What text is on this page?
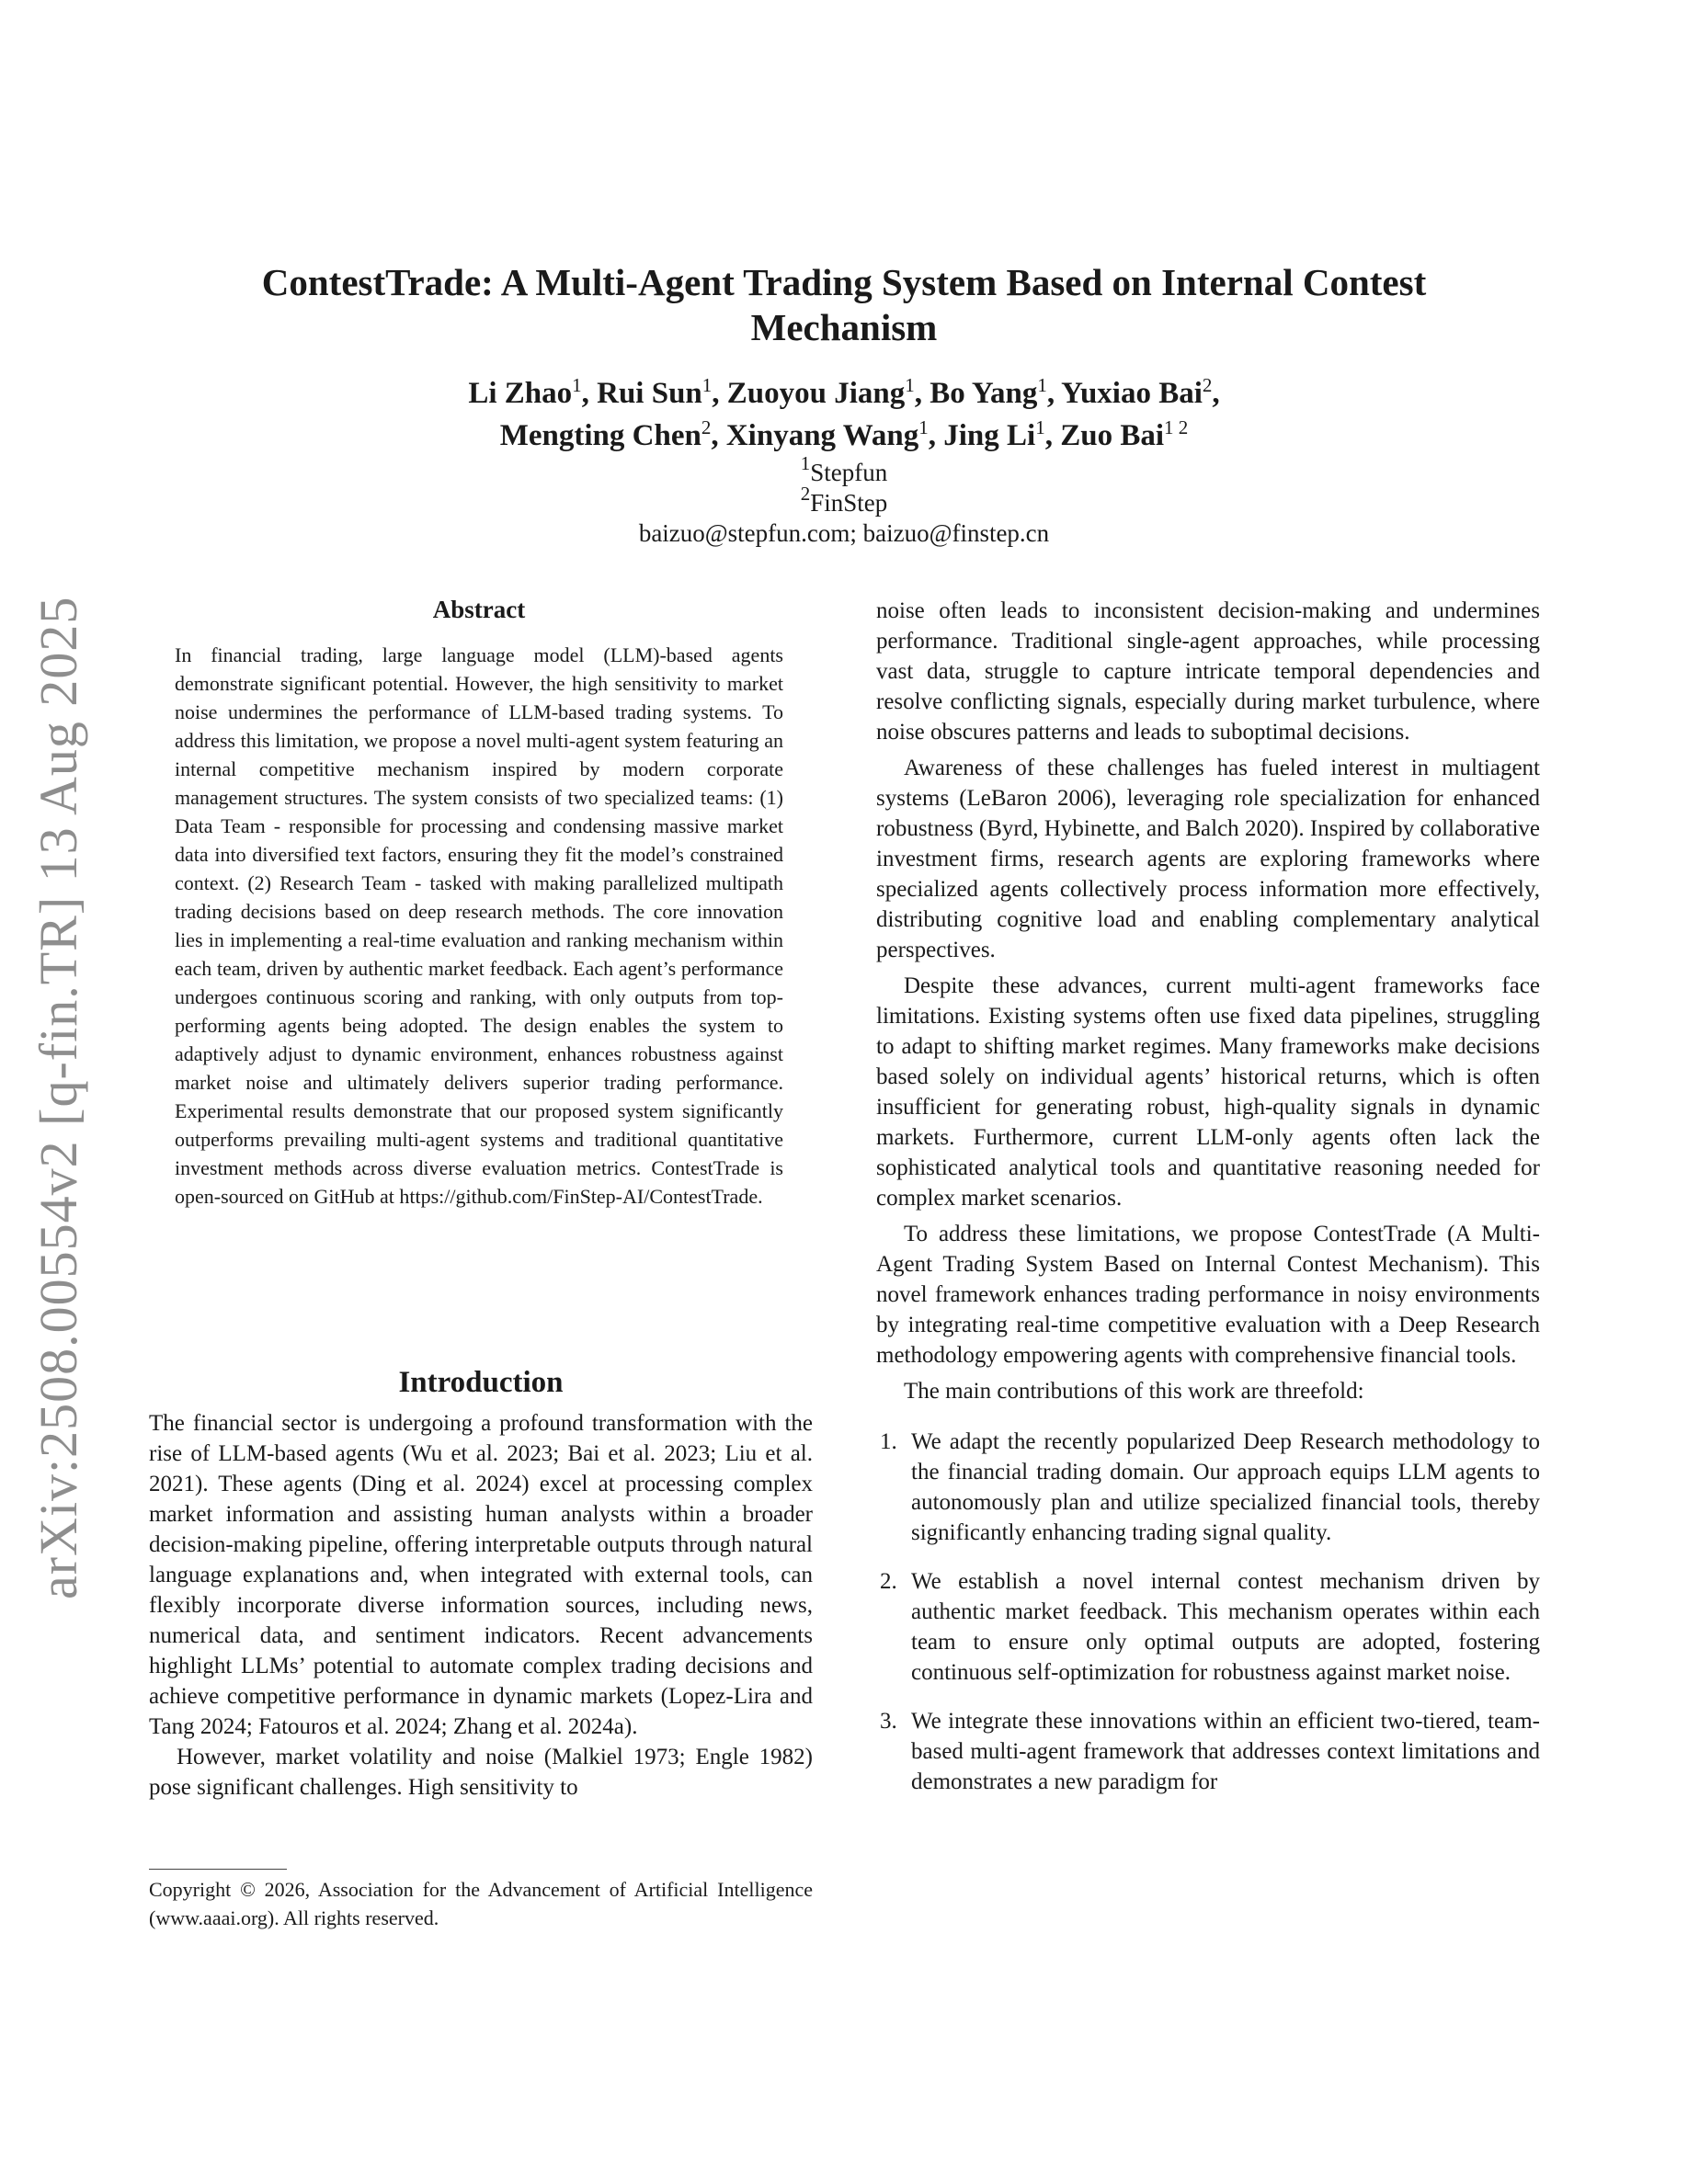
arXiv:2508.00554v2 [q-fin.TR] 13 Aug 2025
ContestTrade: A Multi-Agent Trading System Based on Internal Contest Mechanism
Li Zhao$^1$, Rui Sun$^1$, Zuoyou Jiang$^1$, Bo Yang$^1$, Yuxiao Bai$^2$,
Mengting Chen$^2$, Xinyang Wang$^1$, Jing Li$^1$, Zuo Bai$^{1 2}$
$^1$Stepfun
$^2$FinStep
baizuo@stepfun.com; baizuo@finstep.cn
Abstract

In financial trading, large language model (LLM)-based agents demonstrate significant potential. However, the high sensitivity to market noise undermines the performance of LLM-based trading systems. To address this limitation, we propose a novel multi-agent system featuring an internal competitive mechanism inspired by modern corporate management structures. The system consists of two specialized teams: (1) Data Team - responsible for processing and condensing massive market data into diversified text factors, ensuring they fit the model’s constrained context. (2) Research Team - tasked with making parallelized multipath trading decisions based on deep research methods. The core innovation lies in implementing a real-time evaluation and ranking mechanism within each team, driven by authentic market feedback. Each agent’s performance undergoes continuous scoring and ranking, with only outputs from top-performing agents being adopted. The design enables the system to adaptively adjust to dynamic environment, enhances robustness against market noise and ultimately delivers superior trading performance. Experimental results demonstrate that our proposed system significantly outperforms prevailing multi-agent systems and traditional quantitative investment methods across diverse evaluation metrics. ContestTrade is open-sourced on GitHub at https://github.com/FinStep-AI/ContestTrade.

Introduction

The financial sector is undergoing a profound transformation with the rise of LLM-based agents (Wu et al. 2023; Bai et al. 2023; Liu et al. 2021). These agents (Ding et al. 2024) excel at processing complex market information and assisting human analysts within a broader decision-making pipeline, offering interpretable outputs through natural language explanations and, when integrated with external tools, can flexibly incorporate diverse information sources, including news, numerical data, and sentiment indicators. Recent advancements highlight LLMs’ potential to automate complex trading decisions and achieve competitive performance in dynamic markets (Lopez-Lira and Tang 2024; Fatouros et al. 2024; Zhang et al. 2024a).

However, market volatility and noise (Malkiel 1973; Engle 1982) pose significant challenges. High sensitivity to

Copyright © 2026, Association for the Advancement of Artificial Intelligence (www.aaai.org). All rights reserved.

noise often leads to inconsistent decision-making and undermines performance. Traditional single-agent approaches, while processing vast data, struggle to capture intricate temporal dependencies and resolve conflicting signals, especially during market turbulence, where noise obscures patterns and leads to suboptimal decisions.

Awareness of these challenges has fueled interest in multiagent systems (LeBaron 2006), leveraging role specialization for enhanced robustness (Byrd, Hybinette, and Balch 2020). Inspired by collaborative investment firms, research agents are exploring frameworks where specialized agents collectively process information more effectively, distributing cognitive load and enabling complementary analytical perspectives.

Despite these advances, current multi-agent frameworks face limitations. Existing systems often use fixed data pipelines, struggling to adapt to shifting market regimes. Many frameworks make decisions based solely on individual agents’ historical returns, which is often insufficient for generating robust, high-quality signals in dynamic markets. Furthermore, current LLM-only agents often lack the sophisticated analytical tools and quantitative reasoning needed for complex market scenarios.

To address these limitations, we propose ContestTrade (A Multi-Agent Trading System Based on Internal Contest Mechanism). This novel framework enhances trading performance in noisy environments by integrating real-time competitive evaluation with a Deep Research methodology empowering agents with comprehensive financial tools.

The main contributions of this work are threefold:

1. We adapt the recently popularized Deep Research methodology to the financial trading domain. Our approach equips LLM agents to autonomously plan and utilize specialized financial tools, thereby significantly enhancing trading signal quality.
2. We establish a novel internal contest mechanism driven by authentic market feedback. This mechanism operates within each team to ensure only optimal outputs are adopted, fostering continuous self-optimization for robustness against market noise.
3. We integrate these innovations within an efficient two-tiered, team-based multi-agent framework that addresses context limitations and demonstrates a new paradigm for
